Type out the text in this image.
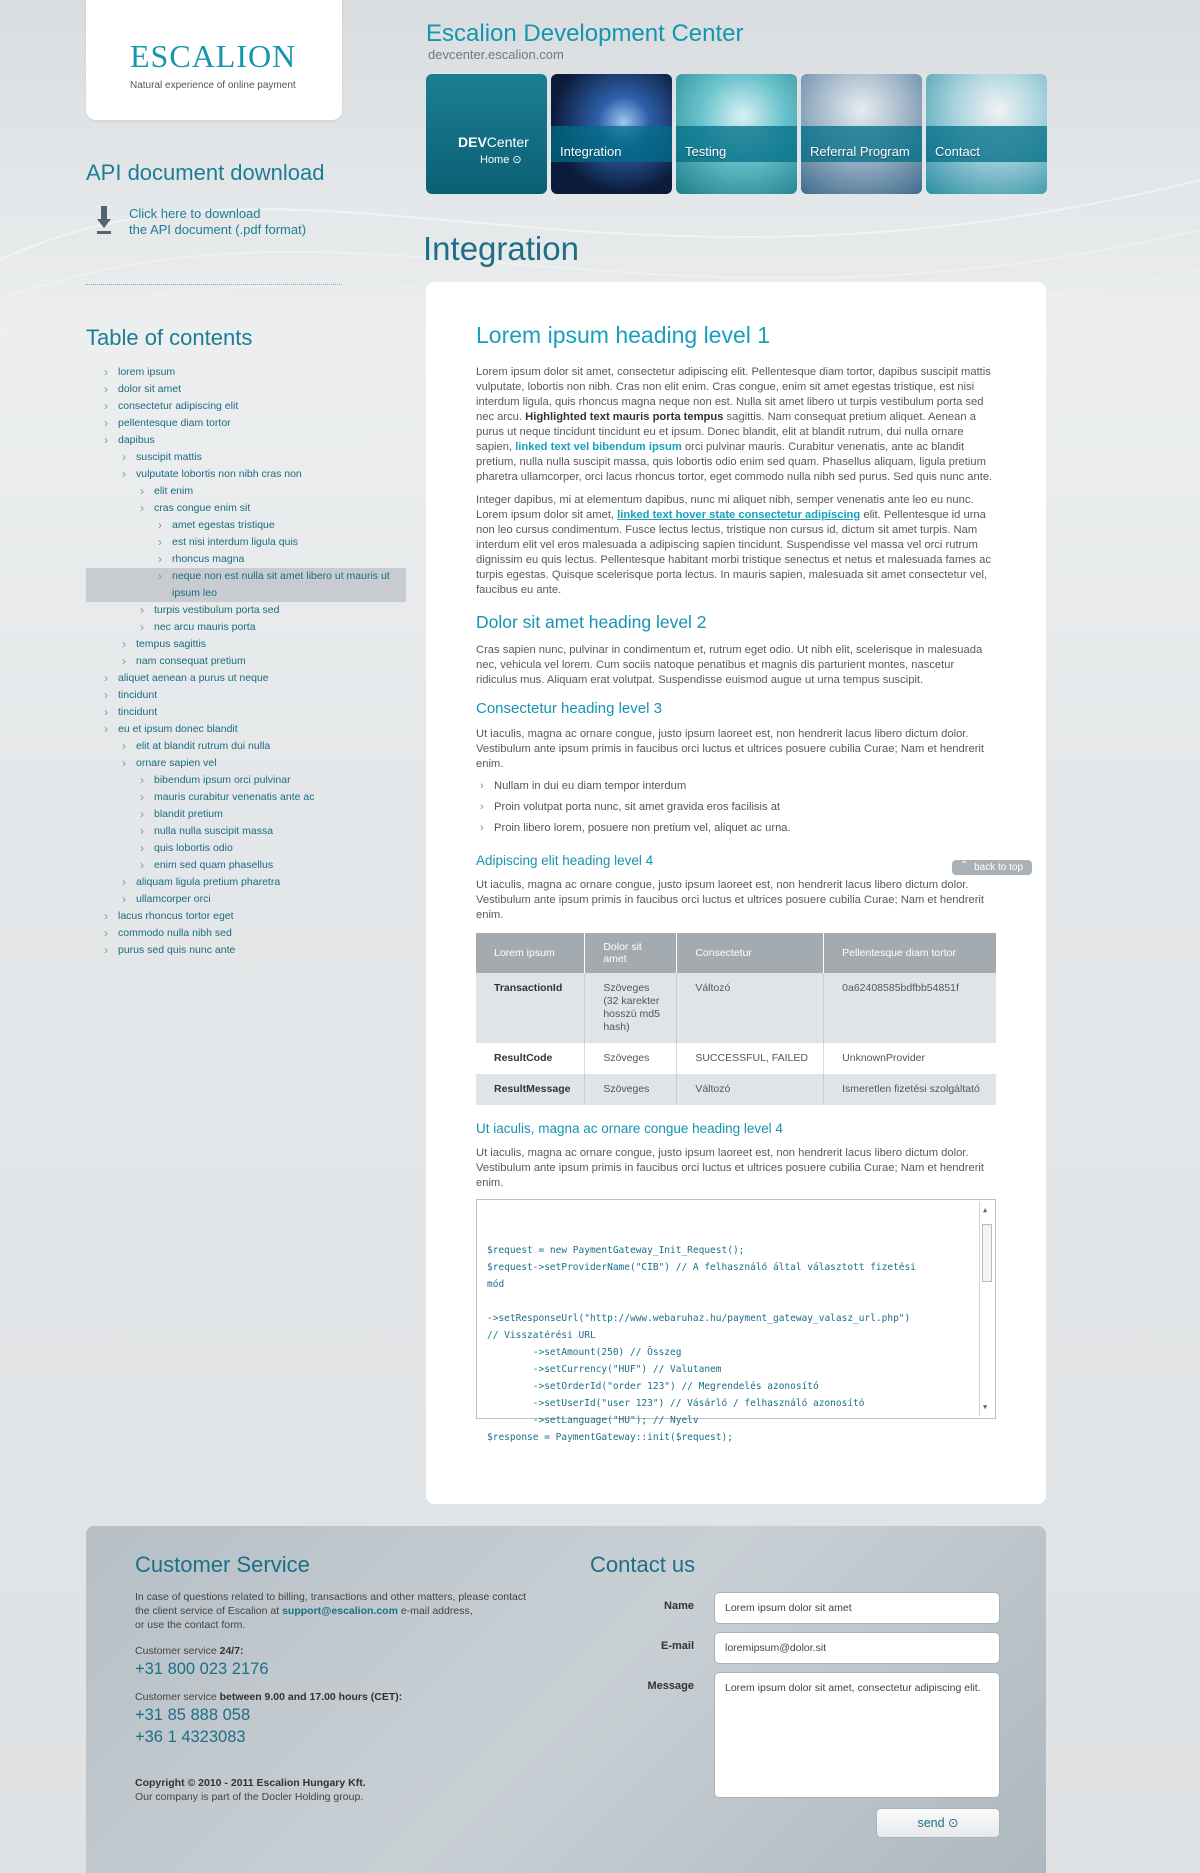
ESCALION
Natural experience of online payment
Escalion Development Center
devcenter.escalion.com
DEVCenter
Home ⊙
Integration	Testing	Referral Program Contact
API document download
Click here to download
the API document (.pdf format)
Table of contents
› lorem ipsum
› dolor sit amet
› consectetur adipiscing elit
› pellentesque diam tortor
› dapibus
› suscipit mattis
› vulputate lobortis non nibh cras non
› elit enim
› cras congue enim sit
› amet egestas tristique
› est nisi interdum ligula quis
› rhoncus magna
› neque non est nulla sit amet libero ut mauris ut ipsum leo
› turpis vestibulum porta sed
› nec arcu mauris porta
› tempus sagittis
› nam consequat pretium
› aliquet aenean a purus ut neque
› tincidunt
› tincidunt
› eu et ipsum donec blandit
› elit at blandit rutrum dui nulla
› ornare sapien vel
› bibendum ipsum orci pulvinar
› mauris curabitur venenatis ante ac
› blandit pretium
› nulla nulla suscipit massa
› quis lobortis odio
› enim sed quam phasellus
› aliquam ligula pretium pharetra
› ullamcorper orci
› lacus rhoncus tortor eget
› commodo nulla nibh sed
› purus sed quis nunc ante
Integration
Lorem ipsum heading level 1

Lorem ipsum dolor sit amet, consectetur adipiscing elit. Pellentesque diam tortor, dapibus suscipit mattis vulputate, lobortis non nibh. Cras non elit enim. Cras congue, enim sit amet egestas tristique, est nisi interdum ligula, quis rhoncus magna neque non est. Nulla sit amet libero ut turpis vestibulum porta sed nec arcu. Highlighted text mauris porta tempus sagittis. Nam consequat pretium aliquet. Aenean a purus ut neque tincidunt tincidunt eu et ipsum. Donec blandit, elit at blandit rutrum, dui nulla ornare sapien, linked text vel bibendum ipsum orci pulvinar mauris. Curabitur venenatis, ante ac blandit pretium, nulla nulla suscipit massa, quis lobortis odio enim sed quam. Phasellus aliquam, ligula pretium pharetra ullamcorper, orci lacus rhoncus tortor, eget commodo nulla nibh sed purus. Sed quis nunc ante.

Integer dapibus, mi at elementum dapibus, nunc mi aliquet nibh, semper venenatis ante leo eu nunc. Lorem ipsum dolor sit amet, linked text hover state consectetur adipiscing elit. Pellentesque id urna non leo cursus condimentum. Fusce lectus lectus, tristique non cursus id, dictum sit amet turpis. Nam interdum elit vel eros malesuada a adipiscing sapien tincidunt. Suspendisse vel massa vel orci rutrum dignissim eu quis lectus. Pellentesque habitant morbi tristique senectus et netus et malesuada fames ac turpis egestas. Quisque scelerisque porta lectus. In mauris sapien, malesuada sit amet consectetur vel, faucibus eu ante.

Dolor sit amet heading level 2

Cras sapien nunc, pulvinar in condimentum et, rutrum eget odio. Ut nibh elit, scelerisque in malesuada nec, vehicula vel lorem. Cum sociis natoque penatibus et magnis dis parturient montes, nascetur ridiculus mus. Aliquam erat volutpat. Suspendisse euismod augue ut urna tempus suscipit.

Consectetur heading level 3

Ut iaculis, magna ac ornare congue, justo ipsum laoreet est, non hendrerit lacus libero dictum dolor. Vestibulum ante ipsum primis in faucibus orci luctus et ultrices posuere cubilia Curae; Nam et hendrerit enim.

› Nullam in dui eu diam tempor interdum
› Proin volutpat porta nunc, sit amet gravida eros facilisis at
› Proin libero lorem, posuere non pretium vel, aliquet ac urna.
Adipiscing elit heading level 4

Ut iaculis, magna ac ornare congue, justo ipsum laoreet est, non hendrerit lacus libero dictum dolor. Vestibulum ante ipsum primis in faucibus orci luctus et ultrices posuere cubilia Curae; Nam et hendrerit enim.

Lorem ipsum	Dolor sit amet	Consectetur	Pellentesque diam tortor
TransactionId	Szöveges (32 karekter hosszú md5 hash)	Változó	0a62408585bdfbb54851f
ResultCode	Szöveges	SUCCESSFUL, FAILED	UnknownProvider
ResultMessage	Szöveges	Változó	Ismeretlen fizetési szolgáltató
Ut iaculis, magna ac ornare congue heading level 4

Ut iaculis, magna ac ornare congue, justo ipsum laoreet est, non hendrerit lacus libero dictum dolor. Vestibulum ante ipsum primis in faucibus orci luctus et ultrices posuere cubilia Curae; Nam et hendrerit enim.

$request = new PaymentGateway_Init_Request();
$request->setProviderName("CIB") // A felhasználó által választott fizetési
mód

->setResponseUrl("http://www.webaruhaz.hu/payment_gateway_valasz_url.php")
// Visszatérési URL
->setAmount(250) // Összeg
->setCurrency("HUF") // Valutanem
->setOrderId("order 123") // Megrendelés azonosító
->setUserId("user 123") // Vásárló / felhasználó azonosító
->setLanguage("HU"); // Nyelv
$response = PaymentGateway::init($request);

▲

▼

⌃ back to top
Customer Service
In case of questions related to billing, transactions and other matters, please contact
the client service of Escalion at support@escalion.com e-mail address,
or use the contact form.
Customer service 24/7:
+31 800 023 2176
Customer service between 9.00 and 17.00 hours (CET):
+31 85 888 058
+36 1 4323083
Copyright © 2010 - 2011 Escalion Hungary Kft.
Our company is part of the Docler Holding group.
Contact us
Name	Lorem ipsum dolor sit amet
E-mail	loremipsum@dolor.sit
Message	Lorem ipsum dolor sit amet, consectetur adipiscing elit.
send ⊙
